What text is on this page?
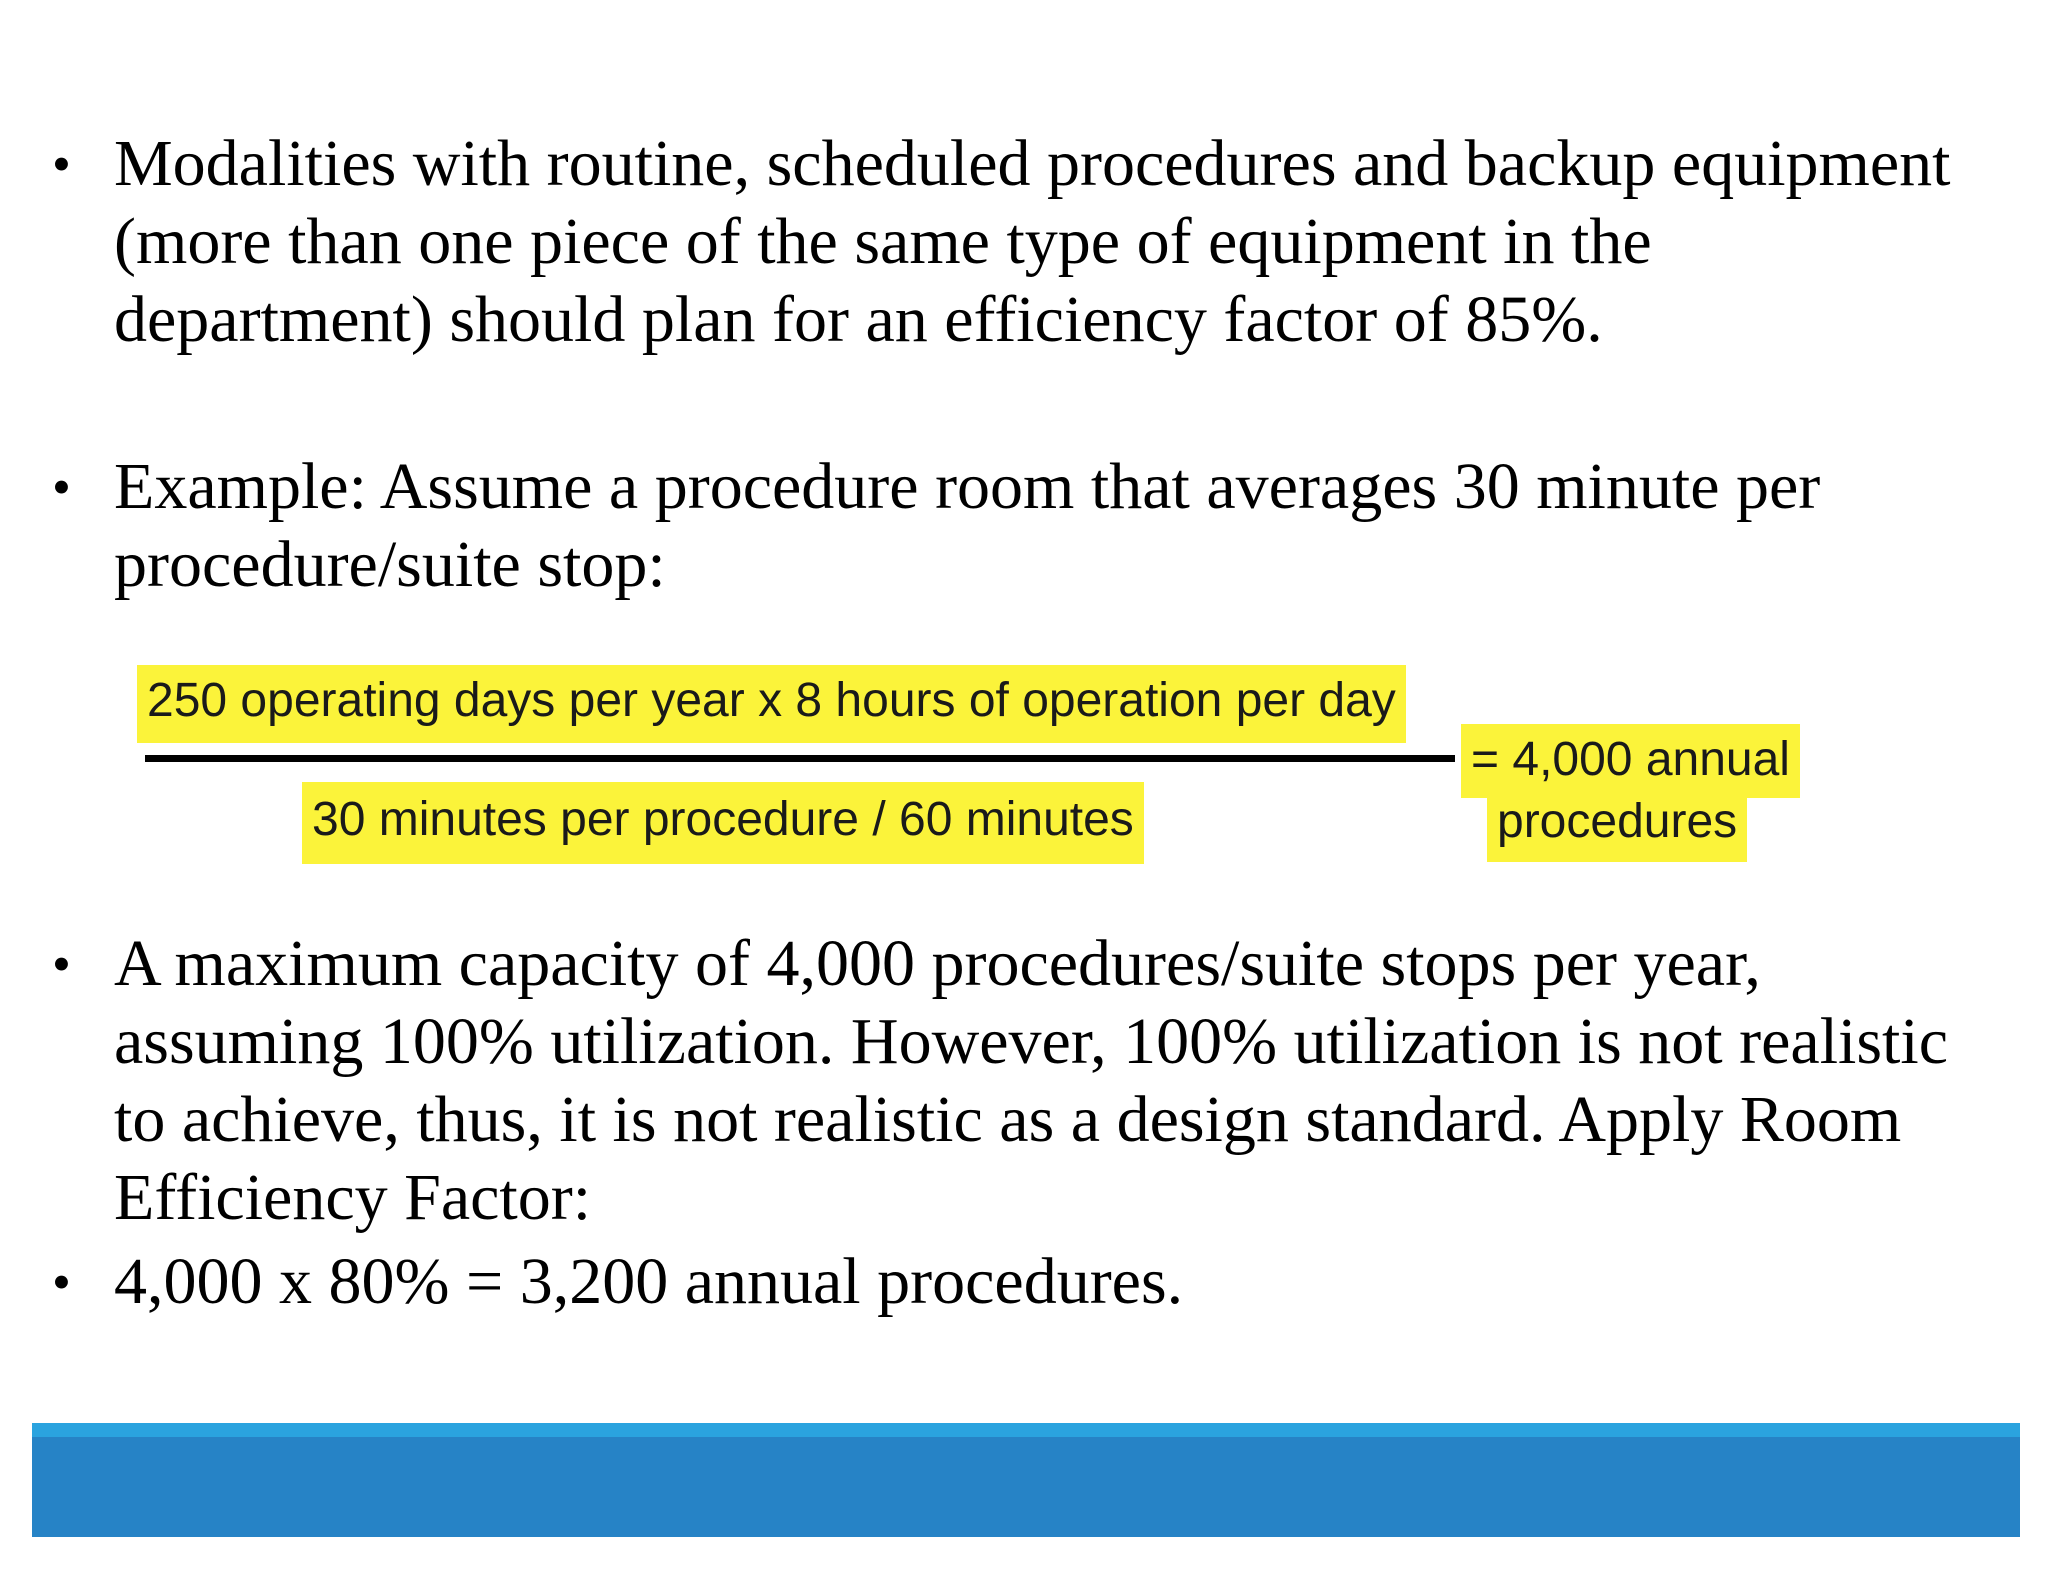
• Modalities with routine, scheduled procedures and backup equipment
(more than one piece of the same type of equipment in the
department) should plan for an efficiency factor of 85%.
• Example: Assume a procedure room that averages 30 minute per
procedure/suite stop:
250 operating days per year x 8 hours of operation per day
30 minutes per procedure / 60 minutes
= 4,000 annual
procedures
• A maximum capacity of 4,000 procedures/suite stops per year,
assuming 100% utilization. However, 100% utilization is not realistic
to achieve, thus, it is not realistic as a design standard. Apply Room
Efficiency Factor:
• 4,000 x 80% = 3,200 annual procedures.
